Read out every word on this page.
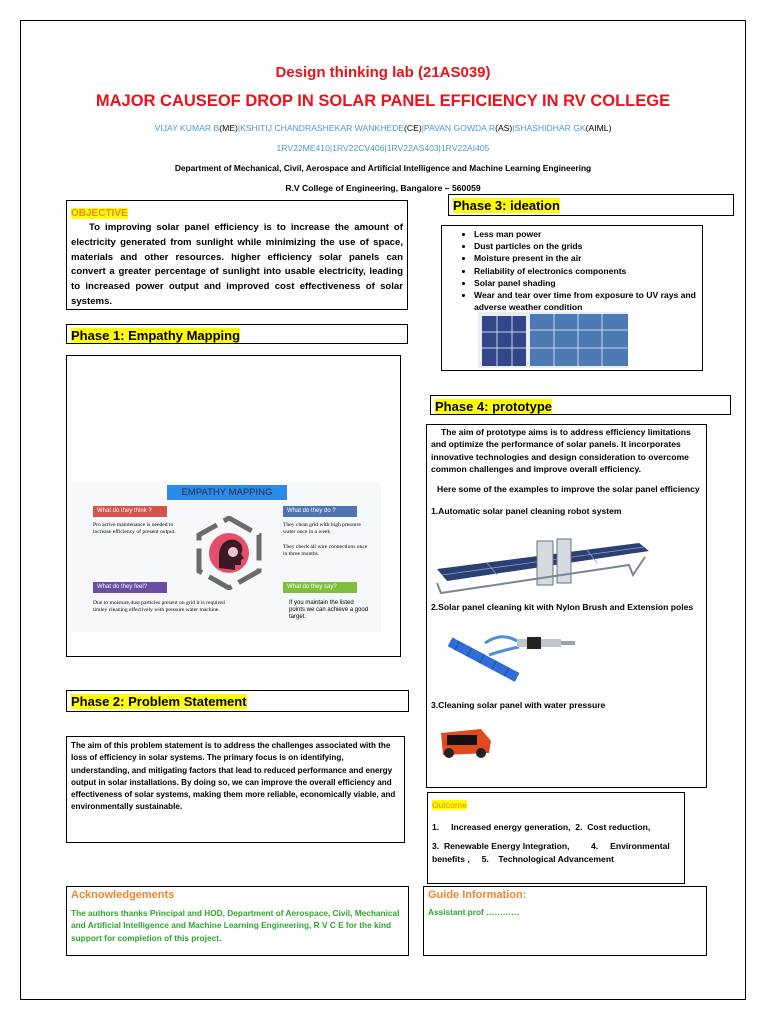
Design thinking lab (21AS039)
MAJOR CAUSEOF DROP IN SOLAR PANEL EFFICIENCY IN RV COLLEGE
VIJAY KUMAR B(ME)|KSHITIJ CHANDRASHEKAR WANKHEDE(CE)|PAVAN GOWDA R(AS)|SHASHIDHAR GK(AIML)
1RV22ME410|1RV22CV406|1RV22AS403|1RV22AI405
Department of Mechanical, Civil, Aerospace and Artificial Intelligence and Machine Learning Engineering
R.V College of Engineering, Bangalore – 560059
OBJECTIVE

To improving solar panel efficiency is to increase the amount of electricity generated from sunlight while minimizing the use of space, materials and other resources. higher efficiency solar panels can convert a greater percentage of sunlight into usable electricity, leading to increased power output and improved cost effectiveness of solar systems.

Phase 3: ideation
• Less man power
• Dust particles on the grids
• Moisture present in the air
• Reliability of electronics components
• Solar panel shading
• Wear and tear over time from exposure to UV rays and adverse weather condition
Phase 1: Empathy Mapping
EMPATHY MAPPING
What do they think ?
Pro active maintenance is needed to increase efficiency of present output.
What do they do ?
They clean grid with high pressure water once in a week
They check all wire connections once in three months.
What do they feel?
Due to moisture,dust particles present on grid it is required timley cleaning effectively with pressure water machine.
What do they say?
If you maintain the listed points we can achieve a good target.
Phase 4: prototype

The aim of prototype aims is to address efficiency limitations and optimize the performance of solar panels. It incorporates innovative technologies and design consideration to overcome common challenges and improve overall efficiency.

Here some of the examples to improve the solar panel efficiency

1.Automatic solar panel cleaning robot system

2.Solar panel cleaning kit with Nylon Brush and Extension poles

3.Cleaning solar panel with water pressure

Phase 2: Problem Statement

The aim of this problem statement is to address the challenges associated with the loss of efficiency in solar systems. The primary focus is on identifying, understanding, and mitigating factors that lead to reduced performance and energy output in solar installations. By doing so, we can improve the overall efficiency and effectiveness of solar systems, making them more reliable, economically viable, and environmentally sustainable.	Outcome

1.     Increased energy generation,  2.  Cost reduction,

3.  Renewable Energy Integration,         4.     Environmental

benefits ,     5.    Technological Advancement

Acknowledgements

The authors thanks Principal and HOD, Department of Aerospace, Civil, Mechanical and Artificial Intelligence and Machine Learning Engineering, R V C E for the kind support for completion of this project.

Guide Information:

Assistant prof …………
